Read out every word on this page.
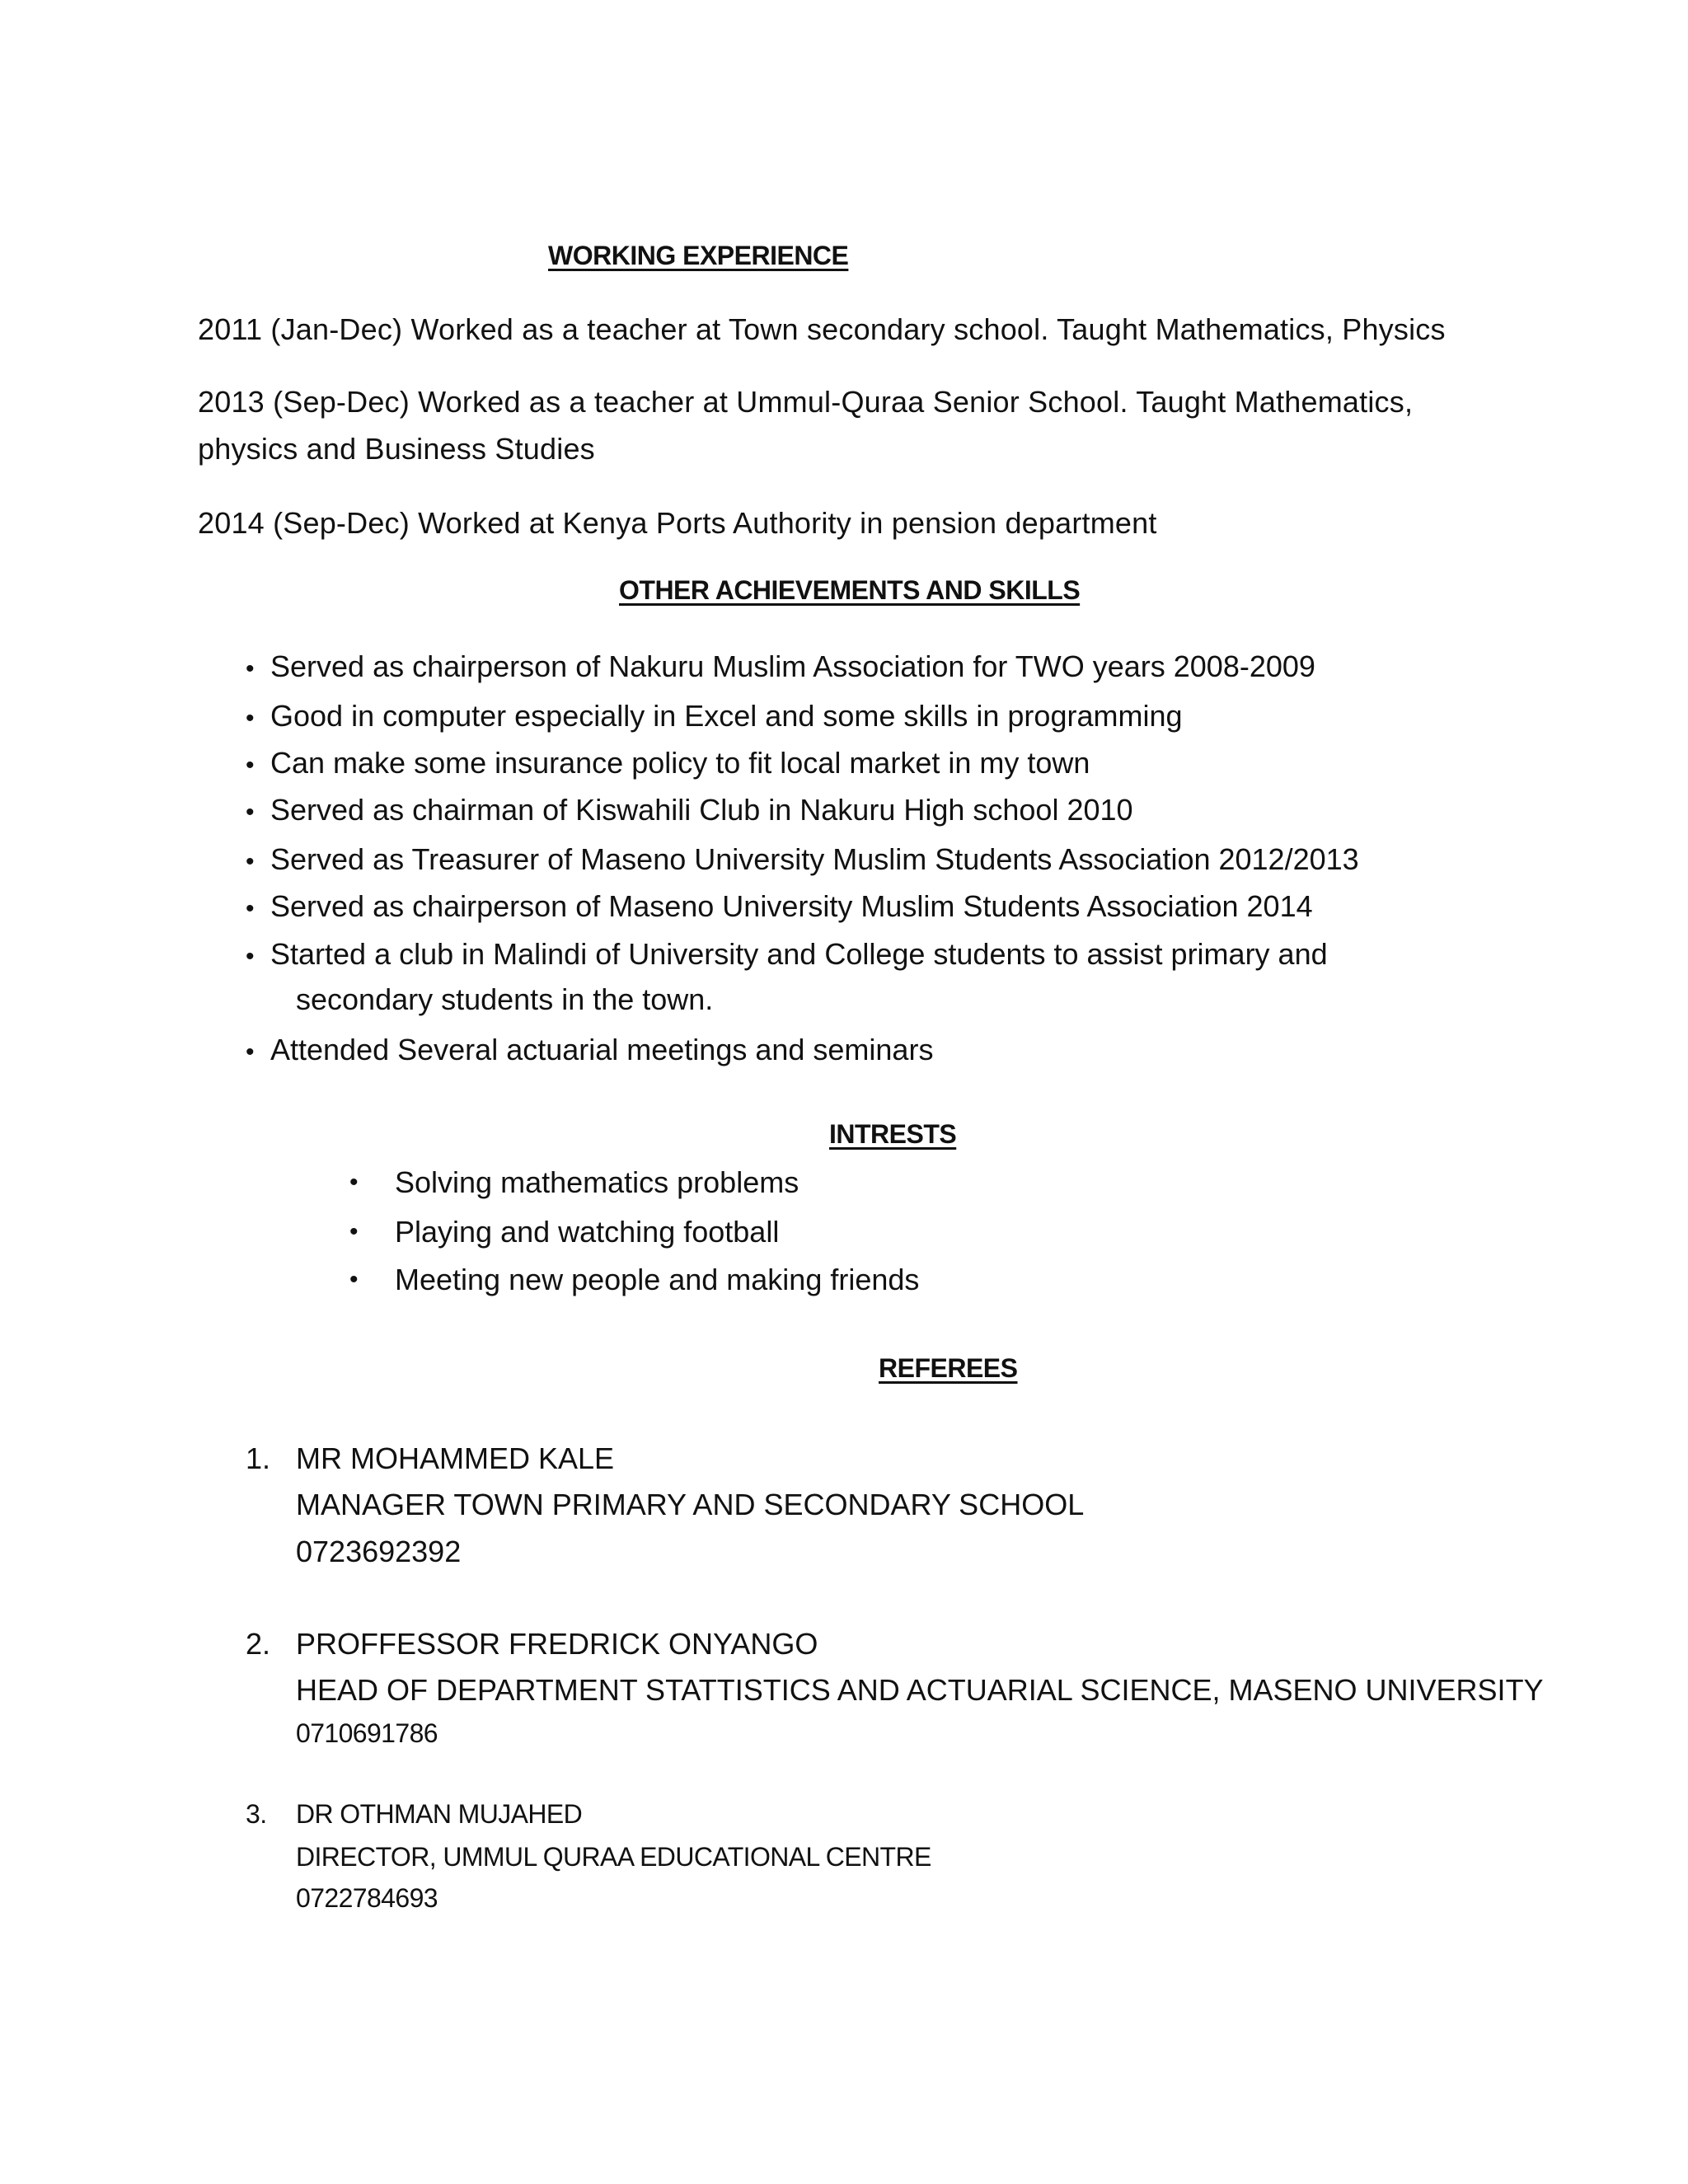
WORKING EXPERIENCE
2011 (Jan-Dec) Worked as a teacher at Town secondary school. Taught Mathematics, Physics
2013 (Sep-Dec) Worked as a teacher at Ummul-Quraa Senior School. Taught Mathematics,
physics and Business Studies
2014 (Sep-Dec) Worked at Kenya Ports Authority in pension department
OTHER ACHIEVEMENTS AND SKILLS
• Served as chairperson of Nakuru Muslim Association for TWO years 2008-2009
• Good in computer especially in Excel and some skills in programming
• Can make some insurance policy to fit local market in my town
• Served as chairman of Kiswahili Club in Nakuru High school 2010
• Served as Treasurer of Maseno University Muslim Students Association 2012/2013
• Served as chairperson of Maseno University Muslim Students Association 2014
• Started a club in Malindi of University and College students to assist primary and
secondary students in the town.
• Attended Several actuarial meetings and seminars
INTRESTS
• Solving mathematics problems
• Playing and watching football
• Meeting new people and making friends
REFEREES
1. MR MOHAMMED KALE
MANAGER TOWN PRIMARY AND SECONDARY SCHOOL
0723692392
2. PROFFESSOR FREDRICK ONYANGO
HEAD OF DEPARTMENT STATTISTICS AND ACTUARIAL SCIENCE, MASENO UNIVERSITY
0710691786
3. DR OTHMAN MUJAHED
DIRECTOR, UMMUL QURAA EDUCATIONAL CENTRE
0722784693
